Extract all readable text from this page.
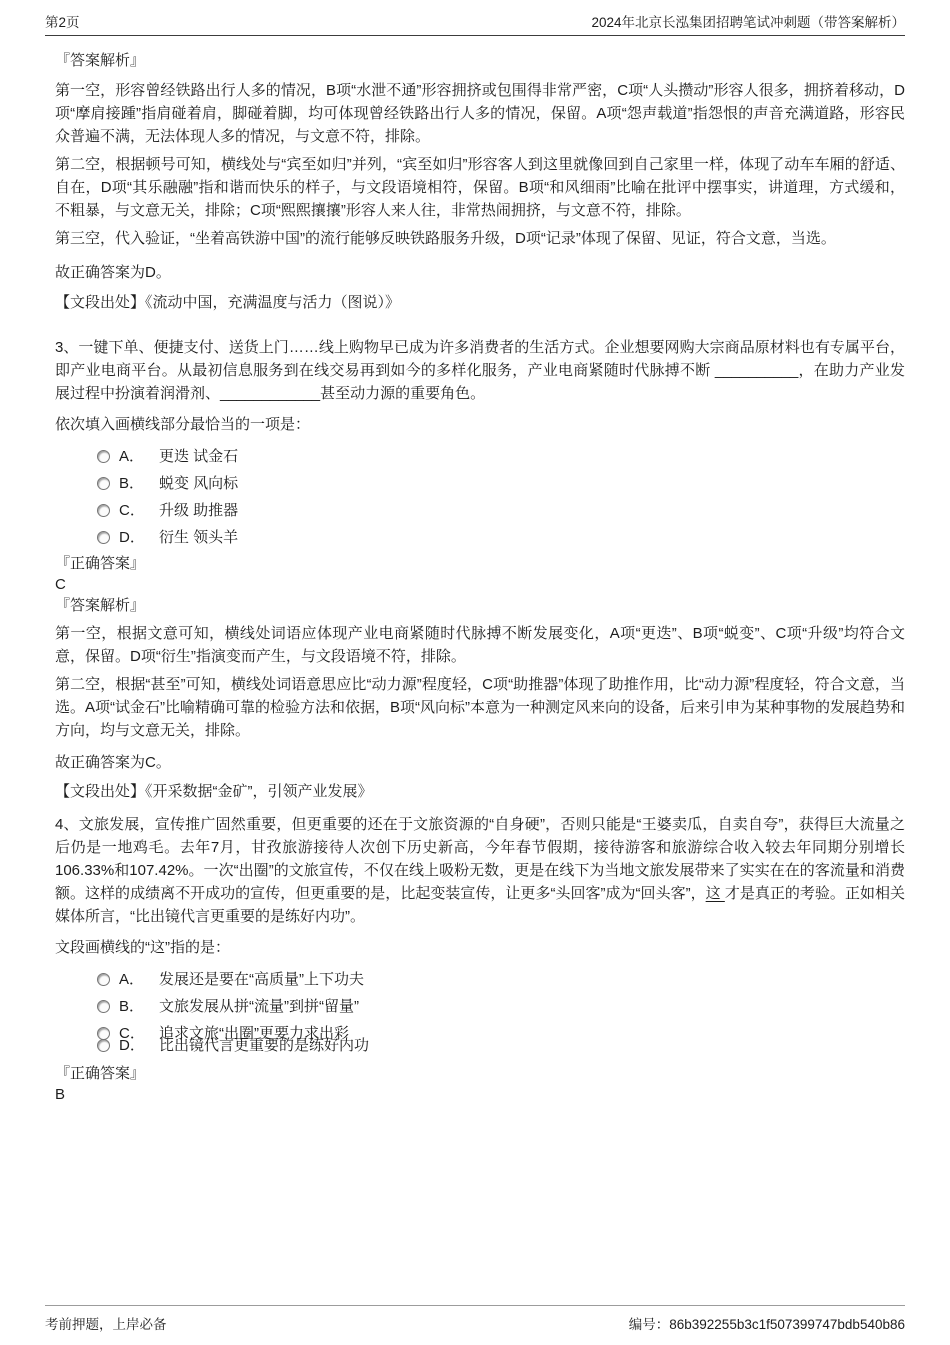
第2页	2024年北京长泓集团招聘笔试冲刺题（带答案解析）
『答案解析』

第一空，形容曾经铁路出行人多的情况，B项“水泄不通”形容拥挤或包围得非常严密，C项“人头攒动”形容人很多，拥挤着移动，D项“摩肩接踵”指肩碰着肩，脚碰着脚，均可体现曾经铁路出行人多的情况，保留。A项“怨声载道”指怨恨的声音充满道路，形容民众普遍不满，无法体现人多的情况，与文意不符，排除。

第二空，根据顿号可知，横线处与“宾至如归”并列，“宾至如归”形容客人到这里就像回到自己家里一样，体现了动车车厢的舒适、自在，D项“其乐融融”指和谐而快乐的样子，与文段语境相符，保留。B项“和风细雨”比喻在批评中摆事实，讲道理，方式缓和，不粗暴，与文意无关，排除；C项“熙熙攘攘”形容人来人往，非常热闹拥挤，与文意不符，排除。

第三空，代入验证，“坐着高铁游中国”的流行能够反映铁路服务升级，D项“记录”体现了保留、见证，符合文意，当选。

故正确答案为D。

【文段出处】《流动中国，充满温度与活力（图说）》

3、一键下单、便捷支付、送货上门……线上购物早已成为许多消费者的生活方式。企业想要网购大宗商品原材料也有专属平台，即产业电商平台。从最初信息服务到在线交易再到如今的多样化服务，产业电商紧随时代脉搏不断 __________，在助力产业发展过程中扮演着润滑剂、____________甚至动力源的重要角色。

依次填入画横线部分最恰当的一项是：

A． 更迭 试金石
B． 蜕变 风向标
C． 升级 助推器
D． 衍生 领头羊
『正确答案』
C
『答案解析』

第一空，根据文意可知，横线处词语应体现产业电商紧随时代脉搏不断发展变化，A项“更迭”、B项“蜕变”、C项“升级”均符合文意，保留。D项“衍生”指演变而产生，与文段语境不符，排除。

第二空，根据“甚至”可知，横线处词语意思应比“动力源”程度轻，C项“助推器”体现了助推作用，比“动力源”程度轻，符合文意，当选。A项“试金石”比喻精确可靠的检验方法和依据，B项“风向标”本意为一种测定风来向的设备，后来引申为某种事物的发展趋势和方向，均与文意无关，排除。

故正确答案为C。

【文段出处】《开采数据“金矿”，引领产业发展》

4、文旅发展，宣传推广固然重要，但更重要的还在于文旅资源的“自身硬”，否则只能是“王婆卖瓜，自卖自夸”，获得巨大流量之后仍是一地鸡毛。去年7月，甘孜旅游接待人次创下历史新高，今年春节假期，接待游客和旅游综合收入较去年同期分别增长106.33%和107.42%。一次“出圈”的文旅宣传，不仅在线上吸粉无数，更是在线下为当地文旅发展带来了实实在在的客流量和消费额。这样的成绩离不开成功的宣传，但更重要的是，比起变装宣传，让更多“头回客”成为“回头客”，这 才是真正的考验。正如相关媒体所言，“比出镜代言更重要的是练好内功”。

文段画横线的“这”指的是：

A． 发展还是要在“高质量”上下功夫
B． 文旅发展从拼“流量”到拼“留量”
C． 追求文旅“出圈”更要力求出彩
D． 比出镜代言更重要的是练好内功
『正确答案』
B
考前押题，上岸必备	编号：86b392255b3c1f507399747bdb540b86
